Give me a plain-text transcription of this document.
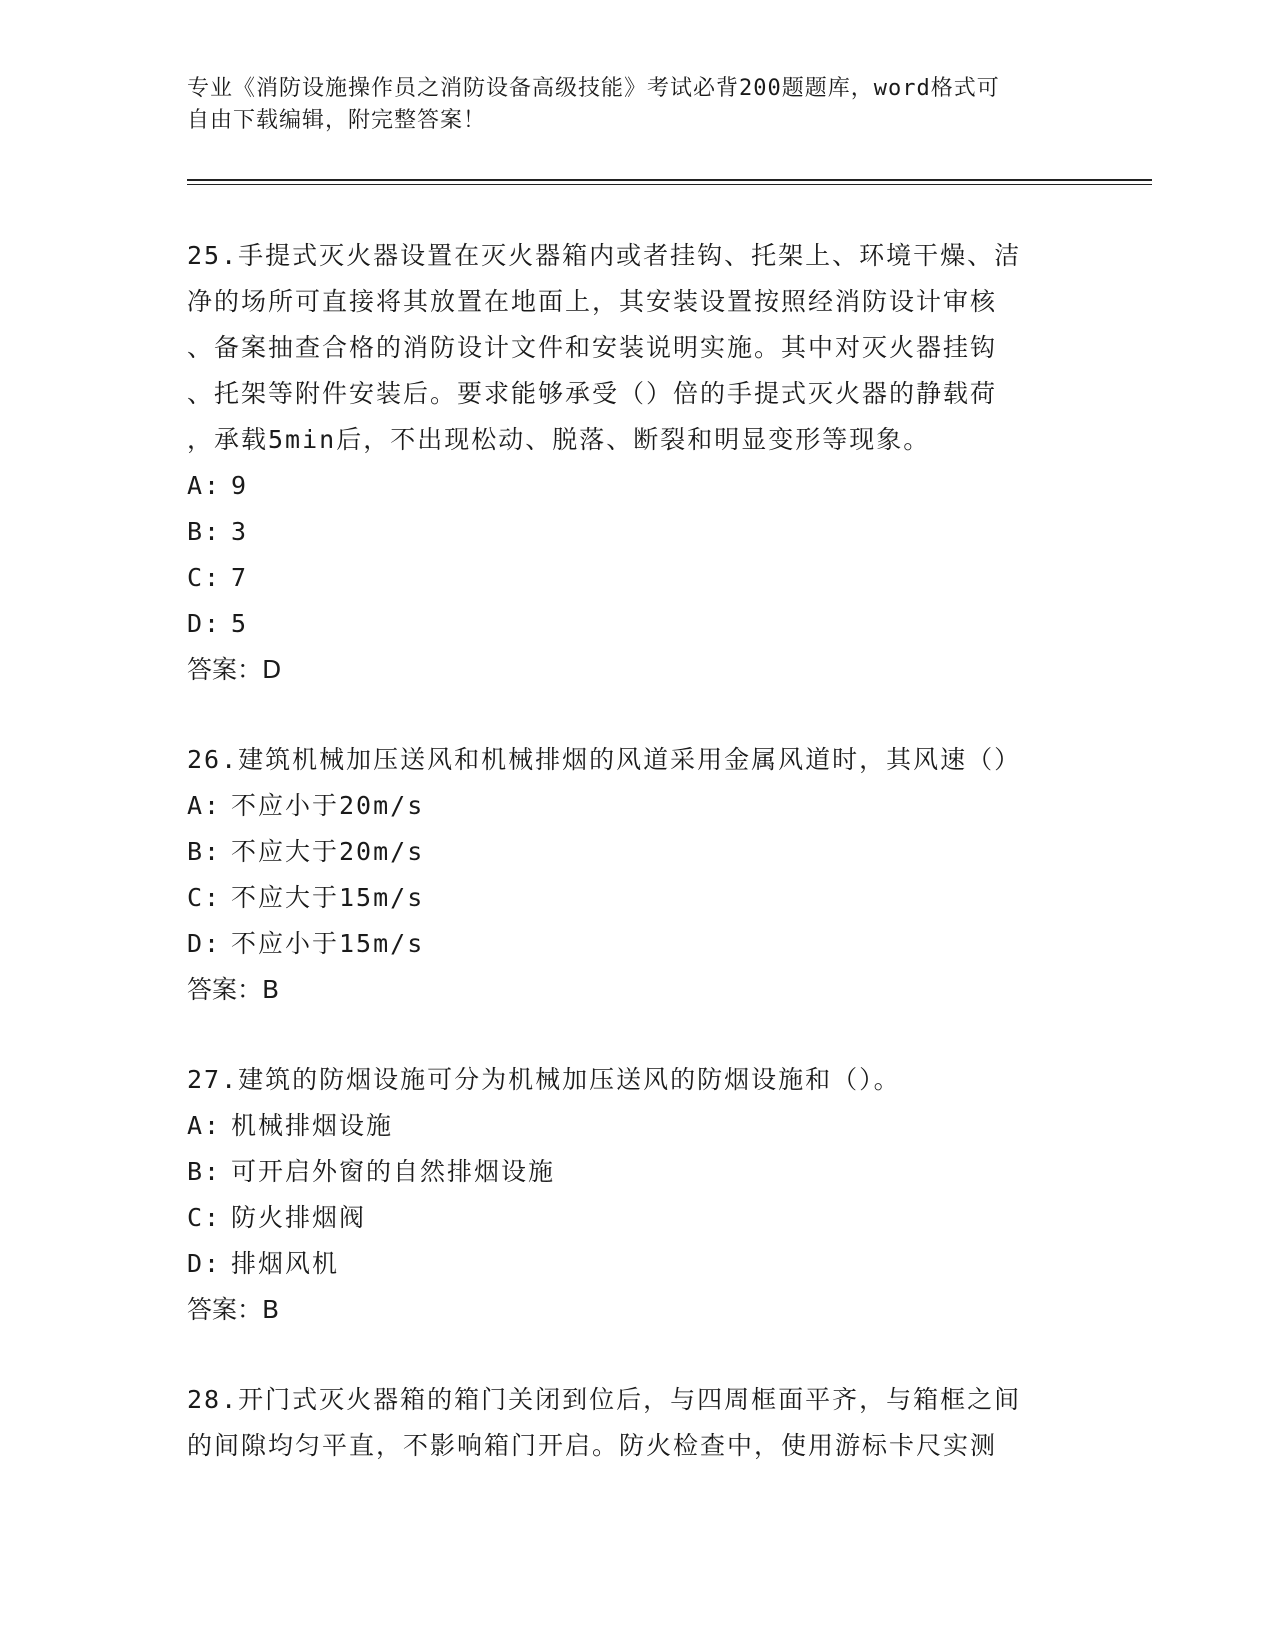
专业《消防设施操作员之消防设备高级技能》考试必背200题题库，word格式可
自由下载编辑，附完整答案！
25.手提式灭火器设置在灭火器箱内或者挂钩、托架上、环境干燥、洁
净的场所可直接将其放置在地面上，其安装设置按照经消防设计审核
、备案抽查合格的消防设计文件和安装说明实施。其中对灭火器挂钩
、托架等附件安装后。要求能够承受（）倍的手提式灭火器的静载荷
，承载5min后，不出现松动、脱落、断裂和明显变形等现象。
A: 9
B: 3
C: 7
D: 5
答案：D
26.建筑机械加压送风和机械排烟的风道采用金属风道时，其风速（）
A: 不应小于20m/s
B: 不应大于20m/s
C: 不应大于15m/s
D: 不应小于15m/s
答案：B
27.建筑的防烟设施可分为机械加压送风的防烟设施和（）。
A: 机械排烟设施
B: 可开启外窗的自然排烟设施
C: 防火排烟阀
D: 排烟风机
答案：B
28.开门式灭火器箱的箱门关闭到位后，与四周框面平齐，与箱框之间
的间隙均匀平直，不影响箱门开启。防火检查中，使用游标卡尺实测
